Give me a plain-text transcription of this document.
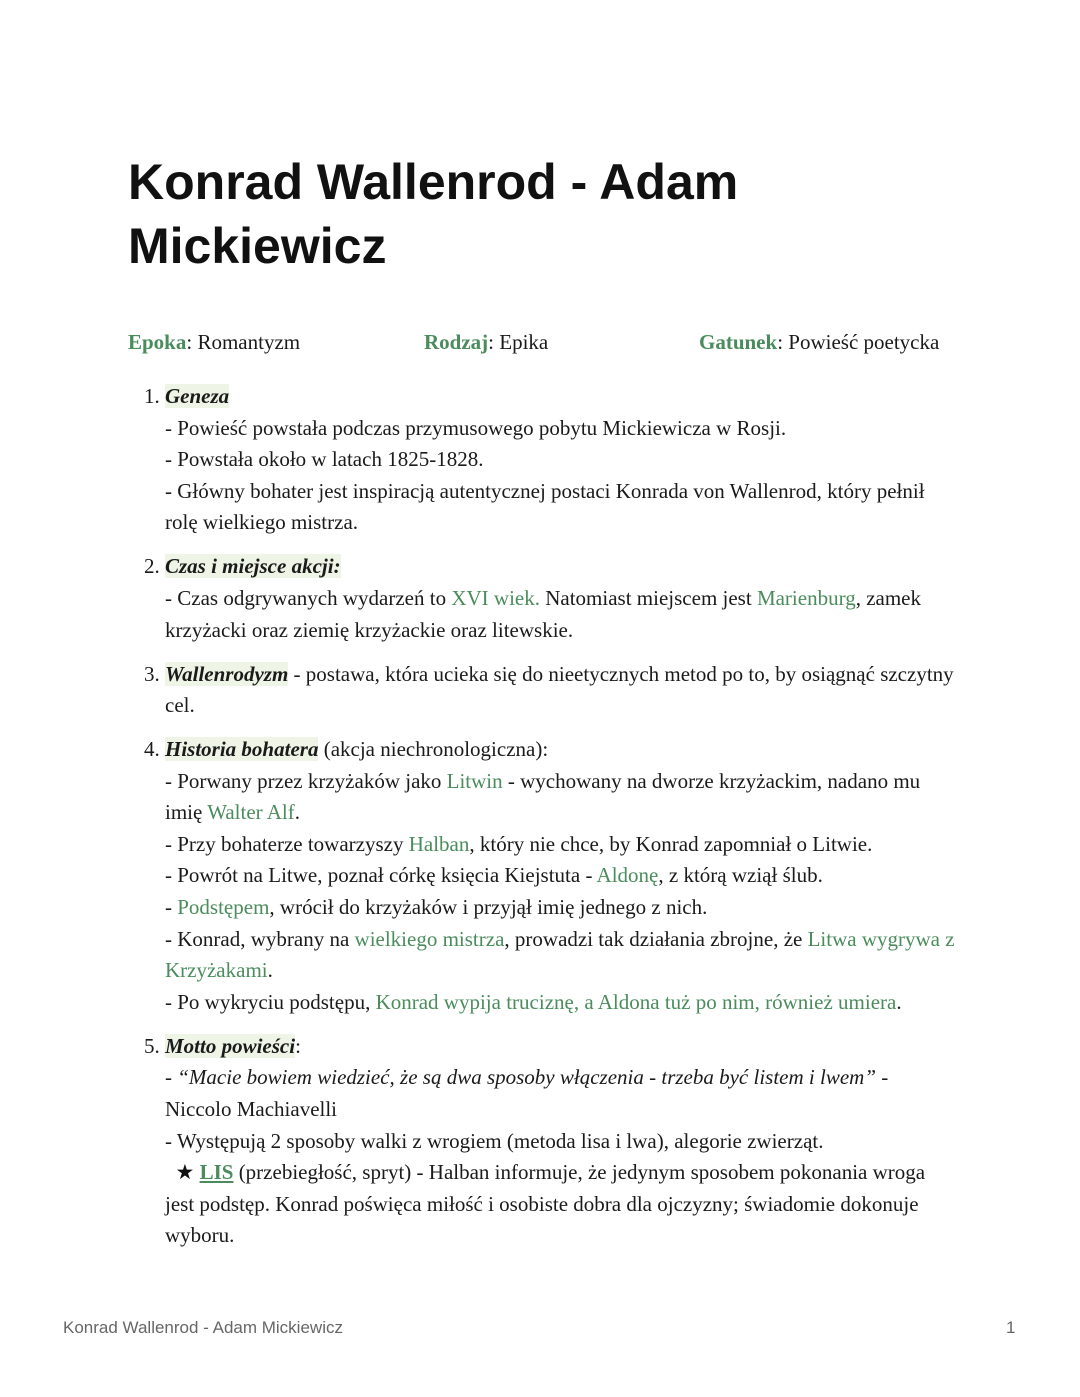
Konrad Wallenrod - Adam Mickiewicz
Epoka: Romantyzm	Rodzaj: Epika	Gatunek: Powieść poetycka
1. Geneza
- Powieść powstała podczas przymusowego pobytu Mickiewicza w Rosji.
- Powstała około w latach 1825-1828.
- Główny bohater jest inspiracją autentycznej postaci Konrada von Wallenrod, który pełnił rolę wielkiego mistrza.
2. Czas i miejsce akcji:
- Czas odgrywanych wydarzeń to XVI wiek. Natomiast miejscem jest Marienburg, zamek krzyżacki oraz ziemię krzyżackie oraz litewskie.
3. Wallenrodyzm - postawa, która ucieka się do nieetycznych metod po to, by osiągnąć szczytny cel.
4. Historia bohatera (akcja niechronologiczna):
- Porwany przez krzyżaków jako Litwin - wychowany na dworze krzyżackim, nadano mu imię Walter Alf.
- Przy bohaterze towarzyszy Halban, który nie chce, by Konrad zapomniał o Litwie.
- Powrót na Litwe, poznał córkę księcia Kiejstuta - Aldonę, z którą wziął ślub.
- Podstępem, wrócił do krzyżaków i przyjął imię jednego z nich.
- Konrad, wybrany na wielkiego mistrza, prowadzi tak działania zbrojne, że Litwa wygrywa z Krzyżakami.
- Po wykryciu podstępu, Konrad wypija truciznę, a Aldona tuż po nim, również umiera.
5. Motto powieści:
- “Macie bowiem wiedzieć, że są dwa sposoby włączenia - trzeba być listem i lwem” - Niccolo Machiavelli
- Występują 2 sposoby walki z wrogiem (metoda lisa i lwa), alegorie zwierząt.
★ LIS (przebiegłość, spryt) - Halban informuje, że jedynym sposobem pokonania wroga jest podstęp. Konrad poświęca miłość i osobiste dobra dla ojczyzny; świadomie dokonuje wyboru.
Konrad Wallenrod - Adam Mickiewicz	1
